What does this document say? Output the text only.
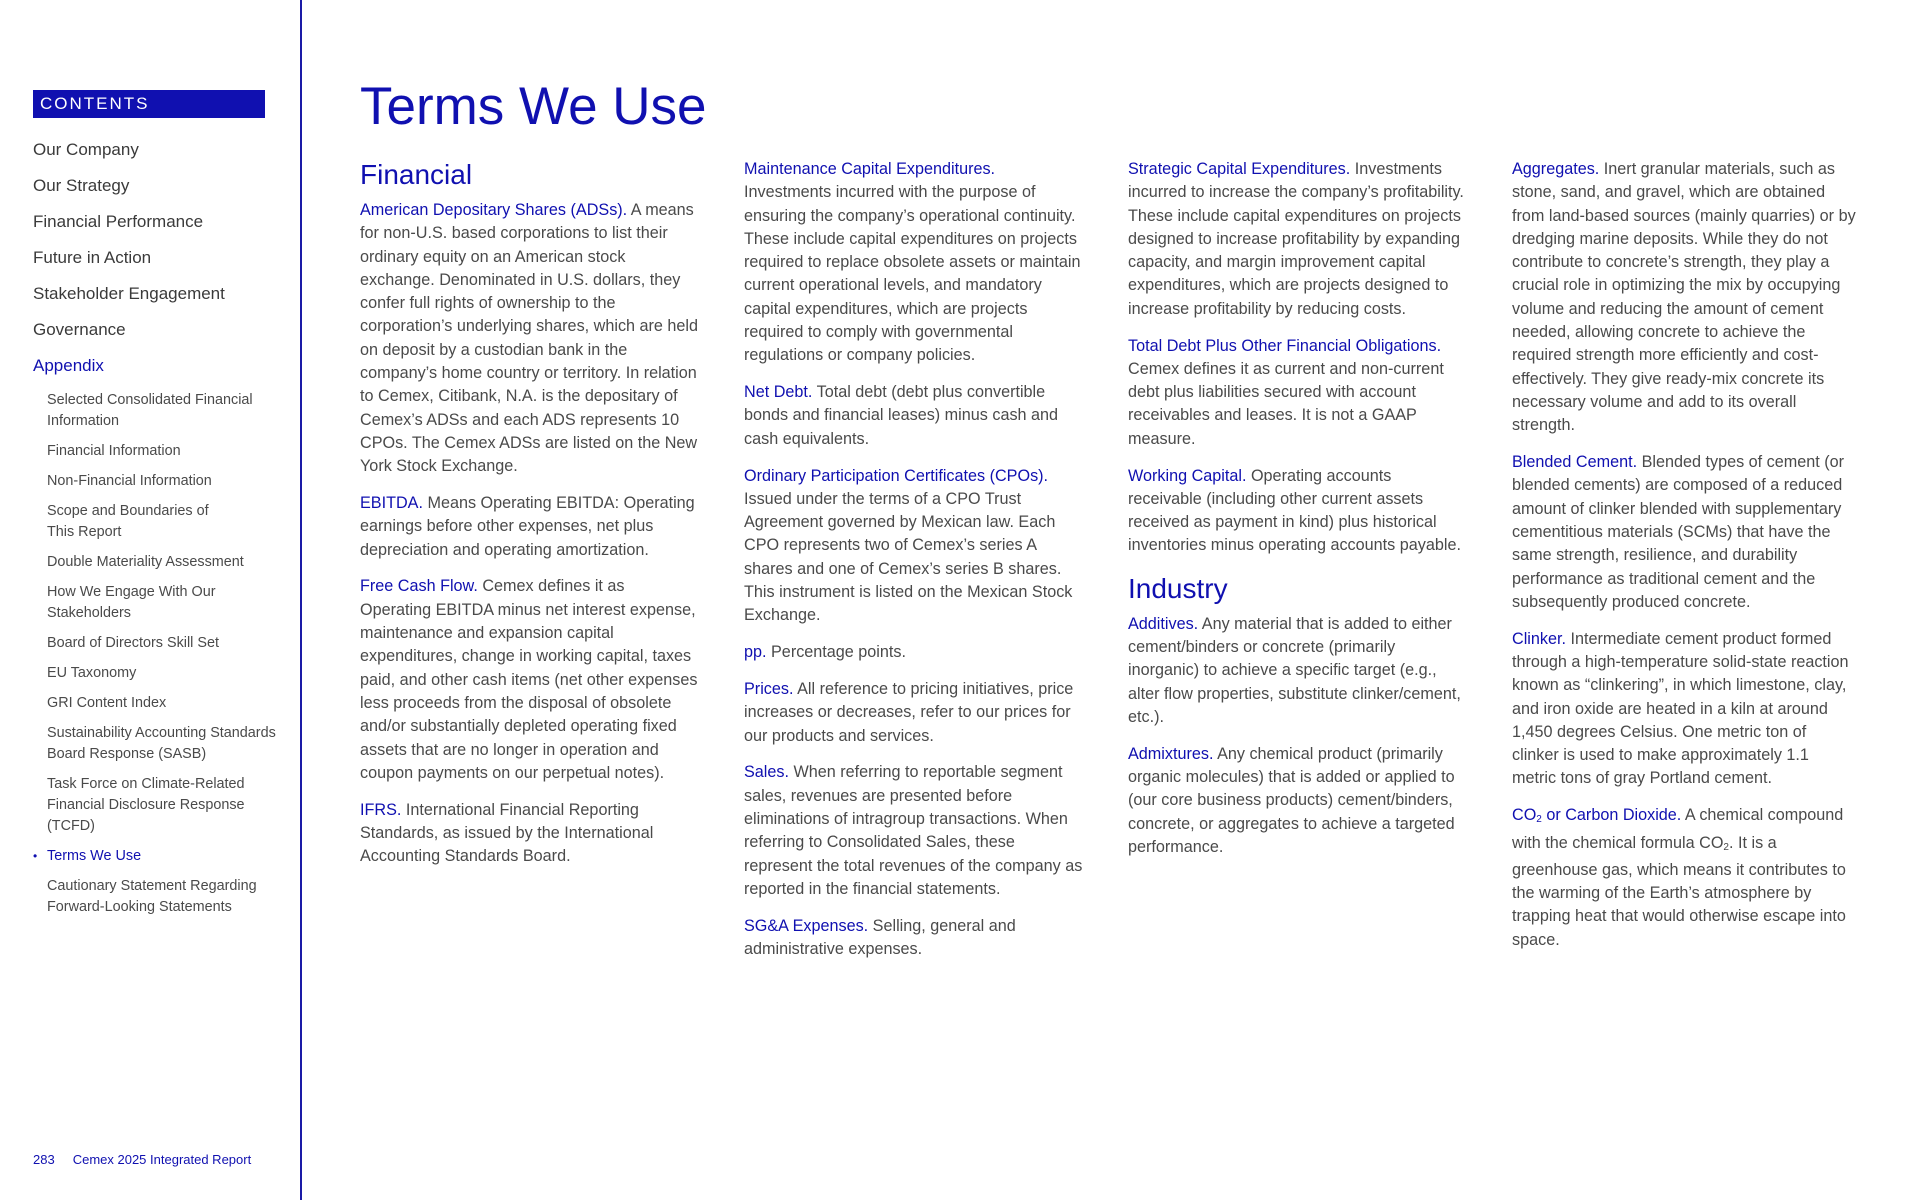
CONTENTS
Our Company
Our Strategy
Financial Performance
Future in Action
Stakeholder Engagement
Governance
Appendix
Selected Consolidated Financial Information
Financial Information
Non-Financial Information
Scope and Boundaries of This Report
Double Materiality Assessment
How We Engage With Our Stakeholders
Board of Directors Skill Set
EU Taxonomy
GRI Content Index
Sustainability Accounting Standards Board Response (SASB)
Task Force on Climate-Related Financial Disclosure Response (TCFD)
• Terms We Use
Cautionary Statement Regarding Forward-Looking Statements
283 Cemex 2025 Integrated Report
Terms We Use
Financial

American Depositary Shares (ADSs). A means for non-U.S. based corporations to list their ordinary equity on an American stock exchange. Denominated in U.S. dollars, they confer full rights of ownership to the corporation’s underlying shares, which are held on deposit by a custodian bank in the company’s home country or territory. In relation to Cemex, Citibank, N.A. is the depositary of Cemex’s ADSs and each ADS represents 10 CPOs. The Cemex ADSs are listed on the New York Stock Exchange.

EBITDA. Means Operating EBITDA: Operating earnings before other expenses, net plus depreciation and operating amortization.

Free Cash Flow. Cemex defines it as Operating EBITDA minus net interest expense, maintenance and expansion capital expenditures, change in working capital, taxes paid, and other cash items (net other expenses less proceeds from the disposal of obsolete and/or substantially depleted operating fixed assets that are no longer in operation and coupon payments on our perpetual notes).

IFRS. International Financial Reporting Standards, as issued by the International Accounting Standards Board.

Maintenance Capital Expenditures. Investments incurred with the purpose of ensuring the company’s operational continuity. These include capital expenditures on projects required to replace obsolete assets or maintain current operational levels, and mandatory capital expenditures, which are projects required to comply with governmental regulations or company policies.

Net Debt. Total debt (debt plus convertible bonds and financial leases) minus cash and cash equivalents.

Ordinary Participation Certificates (CPOs). Issued under the terms of a CPO Trust Agreement governed by Mexican law. Each CPO represents two of Cemex’s series A shares and one of Cemex’s series B shares. This instrument is listed on the Mexican Stock Exchange.

pp. Percentage points.

Prices. All reference to pricing initiatives, price increases or decreases, refer to our prices for our products and services.

Sales. When referring to reportable segment sales, revenues are presented before eliminations of intragroup transactions. When referring to Consolidated Sales, these represent the total revenues of the company as reported in the financial statements.

SG&A Expenses. Selling, general and administrative expenses.

Strategic Capital Expenditures. Investments incurred to increase the company’s profitability. These include capital expenditures on projects designed to increase profitability by expanding capacity, and margin improvement capital expenditures, which are projects designed to increase profitability by reducing costs.

Total Debt Plus Other Financial Obligations. Cemex defines it as current and non-current debt plus liabilities secured with account receivables and leases. It is not a GAAP measure.

Working Capital. Operating accounts receivable (including other current assets received as payment in kind) plus historical inventories minus operating accounts payable.

Industry

Additives. Any material that is added to either cement/binders or concrete (primarily inorganic) to achieve a specific target (e.g., alter flow properties, substitute clinker/cement, etc.).

Admixtures. Any chemical product (primarily organic molecules) that is added or applied to (our core business products) cement/binders, concrete, or aggregates to achieve a targeted performance.

Aggregates. Inert granular materials, such as stone, sand, and gravel, which are obtained from land-based sources (mainly quarries) or by dredging marine deposits. While they do not contribute to concrete’s strength, they play a crucial role in optimizing the mix by occupying volume and reducing the amount of cement needed, allowing concrete to achieve the required strength more efficiently and cost-effectively. They give ready-mix concrete its necessary volume and add to its overall strength.

Blended Cement. Blended types of cement (or blended cements) are composed of a reduced amount of clinker blended with supplementary cementitious materials (SCMs) that have the same strength, resilience, and durability performance as traditional cement and the subsequently produced concrete.

Clinker. Intermediate cement product formed through a high-temperature solid-state reaction known as “clinkering”, in which limestone, clay, and iron oxide are heated in a kiln at around 1,450 degrees Celsius. One metric ton of clinker is used to make approximately 1.1 metric tons of gray Portland cement.

$CO_2$ or Carbon Dioxide. A chemical compound with the chemical formula $CO_2$. It is a greenhouse gas, which means it contributes to the warming of the Earth’s atmosphere by trapping heat that would otherwise escape into space.
